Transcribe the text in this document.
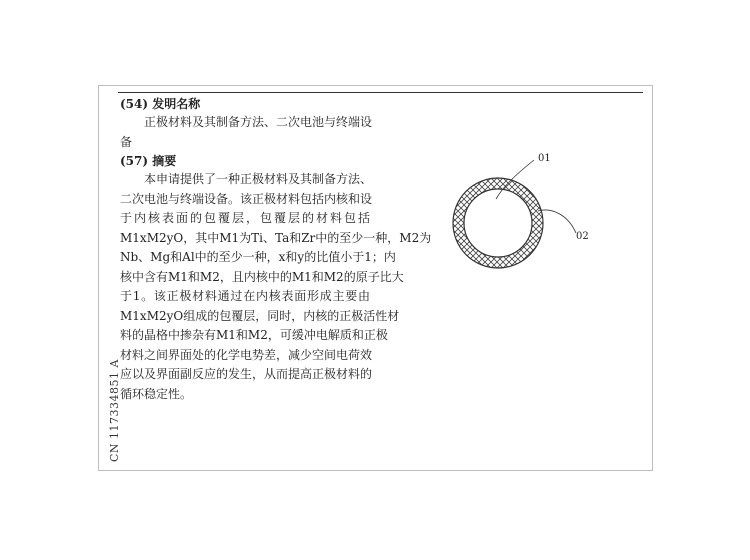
CN 117334851 A
(54) 发明名称
正极材料及其制备方法、二次电池与终端设
备
(57) 摘要
本申请提供了一种正极材料及其制备方法、
二次电池与终端设备。该正极材料包括内核和设
于内核表面的包覆层，包覆层的材料包括
M1xM2yO，其中M1为Ti、Ta和Zr中的至少一种，M2为
Nb、Mg和Al中的至少一种，x和y的比值小于1；内
核中含有M1和M2，且内核中的M1和M2的原子比大
于1。该正极材料通过在内核表面形成主要由
M1xM2yO组成的包覆层，同时，内核的正极活性材
料的晶格中掺杂有M1和M2，可缓冲电解质和正极
材料之间界面处的化学电势差，减少空间电荷效
应以及界面副反应的发生，从而提高正极材料的
循环稳定性。
01
02
